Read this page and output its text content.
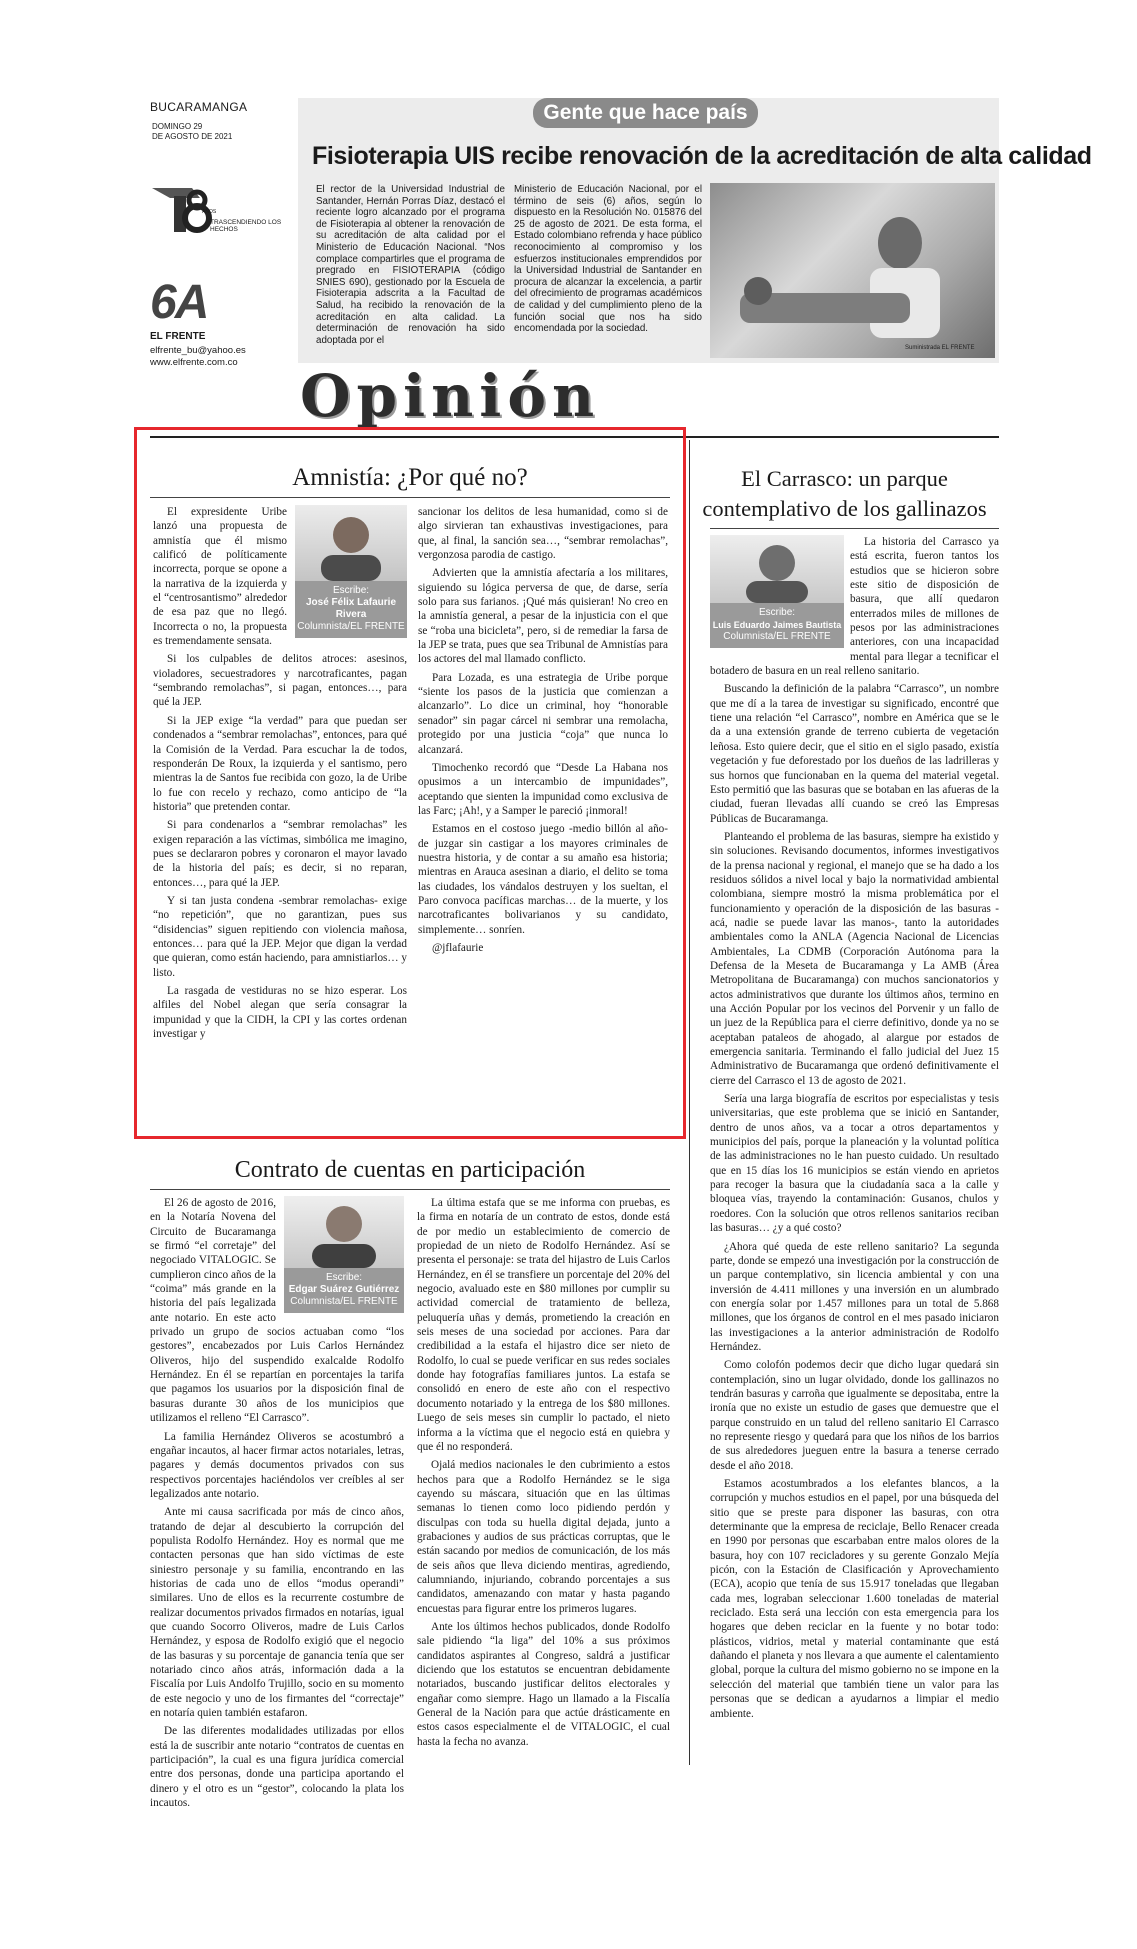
BUCARAMANGA
DOMINGO 29
DE AGOSTO DE 2021
AÑOS
TRASCENDIENDO LOS HECHOS
6A
EL FRENTE
elfrente_bu@yahoo.es
www.elfrente.com.co
Gente que hace país
Fisioterapia UIS recibe renovación de la acreditación de alta calidad
El rector de la Universidad Industrial de Santander, Hernán Porras Díaz, destacó el reciente logro alcanzado por el programa de Fisioterapia al obtener la renovación de su acreditación de alta calidad por el Ministerio de Educación Nacional. “Nos complace compartirles que el programa de pregrado en FISIOTERAPIA (código SNIES 690), gestionado por la Escuela de Fisioterapia adscrita a la Facultad de Salud, ha recibido la renovación de la acreditación en alta calidad. La determinación de renovación ha sido adoptada por el
Ministerio de Educación Nacional, por el término de seis (6) años, según lo dispuesto en la Resolución No. 015876 del 25 de agosto de 2021. De esta forma, el Estado colombiano refrenda y hace público reconocimiento al compromiso y los esfuerzos institucionales emprendidos por la Universidad Industrial de Santander en procura de alcanzar la excelencia, a partir del ofrecimiento de programas académicos de calidad y del cumplimiento pleno de la función social que nos ha sido encomendada por la sociedad.
Suministrada EL FRENTE
Opinión
Amnistía: ¿Por qué no?
Escribe:
José Félix Lafaurie Rivera
Columnista/EL FRENTE

El expresidente Uribe lanzó una propuesta de amnistía que él mismo calificó de políticamente incorrecta, porque se opone a la narrativa de la izquierda y el “centrosantismo” alrededor de esa paz que no llegó. Incorrecta o no, la propuesta es tremendamente sensata.

Si los culpables de delitos atroces: asesinos, violadores, secuestradores y narcotraficantes, pagan “sembrando remolachas”, si pagan, entonces…, para qué la JEP.

Si la JEP exige “la verdad” para que puedan ser condenados a “sembrar remolachas”, entonces, para qué la Comisión de la Verdad. Para escuchar la de todos, responderán De Roux, la izquierda y el santismo, pero mientras la de Santos fue recibida con gozo, la de Uribe lo fue con recelo y rechazo, como anticipo de “la historia” que pretenden contar.

Si para condenarlos a “sembrar remolachas” les exigen reparación a las víctimas, simbólica me imagino, pues se declararon pobres y coronaron el mayor lavado de la historia del país; es decir, si no reparan, entonces…, para qué la JEP.

Y si tan justa condena -sembrar remolachas- exige “no repetición”, que no garantizan, pues sus “disidencias” siguen repitiendo con violencia mañosa, entonces… para qué la JEP. Mejor que digan la verdad que quieran, como están haciendo, para amnistiarlos… y listo.

La rasgada de vestiduras no se hizo esperar. Los alfiles del Nobel alegan que sería consagrar la impunidad y que la CIDH, la CPI y las cortes ordenan investigar y

sancionar los delitos de lesa humanidad, como si de algo sirvieran tan exhaustivas investigaciones, para que, al final, la sanción sea…, “sembrar remolachas”, vergonzosa parodia de castigo.

Advierten que la amnistía afectaría a los militares, siguiendo su lógica perversa de que, de darse, sería solo para sus farianos. ¡Qué más quisieran! No creo en la amnistía general, a pesar de la injusticia con el que se “roba una bicicleta”, pero, si de remediar la farsa de la JEP se trata, pues que sea Tribunal de Amnistías para los actores del mal llamado conflicto.

Para Lozada, es una estrategia de Uribe porque “siente los pasos de la justicia que comienzan a alcanzarlo”. Lo dice un criminal, hoy “honorable senador” sin pagar cárcel ni sembrar una remolacha, protegido por una justicia “coja” que nunca lo alcanzará.

Timochenko recordó que “Desde La Habana nos opusimos a un intercambio de impunidades”, aceptando que sienten la impunidad como exclusiva de las Farc; ¡Ah!, y a Samper le pareció ¡inmoral!

Estamos en el costoso juego -medio billón al año- de juzgar sin castigar a los mayores criminales de nuestra historia, y de contar a su amaño esa historia; mientras en Arauca asesinan a diario, el delito se toma las ciudades, los vándalos destruyen y los sueltan, el Paro convoca pacíficas marchas… de la muerte, y los narcotraficantes bolivarianos y su candidato, simplemente… sonríen.

@jflafaurie

El Carrasco: un parque
contemplativo de los gallinazos
Escribe:
Luis Eduardo Jaimes Bautista
Columnista/EL FRENTE

La historia del Carrasco ya está escrita, fueron tantos los estudios que se hicieron sobre este sitio de disposición de basura, que allí quedaron enterrados miles de millones de pesos por las administraciones anteriores, con una incapacidad mental para llegar a tecnificar el botadero de basura en un real relleno sanitario.

Buscando la definición de la palabra “Carrasco”, un nombre que me dí a la tarea de investigar su significado, encontré que tiene una relación “el Carrasco”, nombre en América que se le da a una extensión grande de terreno cubierta de vegetación leñosa. Esto quiere decir, que el sitio en el siglo pasado, existía vegetación y fue deforestado por los dueños de las ladrilleras y sus hornos que funcionaban en la quema del material vegetal. Esto permitió que las basuras que se botaban en las afueras de la ciudad, fueran llevadas allí cuando se creó las Empresas Públicas de Bucaramanga.

Planteando el problema de las basuras, siempre ha existido y sin soluciones. Revisando documentos, informes investigativos de la prensa nacional y regional, el manejo que se ha dado a los residuos sólidos a nivel local y bajo la normatividad ambiental colombiana, siempre mostró la misma problemática por el funcionamiento y operación de la disposición de las basuras -acá, nadie se puede lavar las manos-, tanto la autoridades ambientales como la ANLA (Agencia Nacional de Licencias Ambientales, La CDMB (Corporación Autónoma para la Defensa de la Meseta de Bucaramanga y La AMB (Área Metropolitana de Bucaramanga) con muchos sancionatorios y actos administrativos que durante los últimos años, termino en una Acción Popular por los vecinos del Porvenir y un fallo de un juez de la República para el cierre definitivo, donde ya no se aceptaban pataleos de ahogado, al alargue por estados de emergencia sanitaria. Terminando el fallo judicial del Juez 15 Administrativo de Bucaramanga que ordenó definitivamente el cierre del Carrasco el 13 de agosto de 2021.

Sería una larga biografía de escritos por especialistas y tesis universitarias, que este problema que se inició en Santander, dentro de unos años, va a tocar a otros departamentos y municipios del país, porque la planeación y la voluntad política de las administraciones no le han puesto cuidado. Un resultado que en 15 días los 16 municipios se están viendo en aprietos para recoger la basura que la ciudadanía saca a la calle y bloquea vías, trayendo la contaminación: Gusanos, chulos y roedores. Con la solución que otros rellenos sanitarios reciban las basuras… ¿y a qué costo?

¿Ahora qué queda de este relleno sanitario? La segunda parte, donde se empezó una investigación por la construcción de un parque contemplativo, sin licencia ambiental y con una inversión de 4.411 millones y una inversión en un alumbrado con energía solar por 1.457 millones para un total de 5.868 millones, que los órganos de control en el mes pasado iniciaron las investigaciones a la anterior administración de Rodolfo Hernández.

Como colofón podemos decir que dicho lugar quedará sin contemplación, sino un lugar olvidado, donde los gallinazos no tendrán basuras y carroña que igualmente se depositaba, entre la ironía que no existe un estudio de gases que demuestre que el parque construido en un talud del relleno sanitario El Carrasco no represente riesgo y quedará para que los niños de los barrios de sus alrededores jueguen entre la basura a tenerse cerrado desde el año 2018.

Estamos acostumbrados a los elefantes blancos, a la corrupción y muchos estudios en el papel, por una búsqueda del sitio que se preste para disponer las basuras, con otra determinante que la empresa de reciclaje, Bello Renacer creada en 1990 por personas que escarbaban entre malos olores de la basura, hoy con 107 recicladores y su gerente Gonzalo Mejía picón, con la Estación de Clasificación y Aprovechamiento (ECA), acopio que tenía de sus 15.917 toneladas que llegaban cada mes, lograban seleccionar 1.600 toneladas de material reciclado. Esta será una lección con esta emergencia para los hogares que deben reciclar en la fuente y no botar todo: plásticos, vidrios, metal y material contaminante que está dañando el planeta y nos llevara a que aumente el calentamiento global, porque la cultura del mismo gobierno no se impone en la selección del material que también tiene un valor para las personas que se dedican a ayudarnos a limpiar el medio ambiente.

Contrato de cuentas en participación
Escribe:
Edgar Suárez Gutiérrez
Columnista/EL FRENTE

El 26 de agosto de 2016, en la Notaría Novena del Circuito de Bucaramanga se firmó “el corretaje” del negociado VITALOGIC. Se cumplieron cinco años de la “coima” más grande en la historia del país legalizada ante notario. En este acto privado un grupo de socios actuaban como “los gestores”, encabezados por Luis Carlos Hernández Oliveros, hijo del suspendido exalcalde Rodolfo Hernández. En él se repartían en porcentajes la tarifa que pagamos los usuarios por la disposición final de basuras durante 30 años de los municipios que utilizamos el relleno “El Carrasco”.

La familia Hernández Oliveros se acostumbró a engañar incautos, al hacer firmar actos notariales, letras, pagares y demás documentos privados con sus respectivos porcentajes haciéndolos ver creíbles al ser legalizados ante notario.

Ante mi causa sacrificada por más de cinco años, tratando de dejar al descubierto la corrupción del populista Rodolfo Hernández. Hoy es normal que me contacten personas que han sido víctimas de este siniestro personaje y su familia, encontrando en las historias de cada uno de ellos “modus operandi” similares. Uno de ellos es la recurrente costumbre de realizar documentos privados firmados en notarías, igual que cuando Socorro Oliveros, madre de Luis Carlos Hernández, y esposa de Rodolfo exigió que el negocio de las basuras y su porcentaje de ganancia tenía que ser notariado cinco años atrás, información dada a la Fiscalía por Luis Andolfo Trujillo, socio en su momento de este negocio y uno de los firmantes del “correctaje” en notaría quien también estafaron.

De las diferentes modalidades utilizadas por ellos está la de suscribir ante notario “contratos de cuentas en participación”, la cual es una figura jurídica comercial entre dos personas, donde una participa aportando el dinero y el otro es un “gestor”, colocando la plata los incautos.

La última estafa que se me informa con pruebas, es la firma en notaría de un contrato de estos, donde está de por medio un establecimiento de comercio de propiedad de un nieto de Rodolfo Hernández. Así se presenta el personaje: se trata del hijastro de Luis Carlos Hernández, en él se transfiere un porcentaje del 20% del negocio, avaluado este en $80 millones por cumplir su actividad comercial de tratamiento de belleza, peluquería uñas y demás, prometiendo la creación en seis meses de una sociedad por acciones. Para dar credibilidad a la estafa el hijastro dice ser nieto de Rodolfo, lo cual se puede verificar en sus redes sociales donde hay fotografías familiares juntos. La estafa se consolidó en enero de este año con el respectivo documento notariado y la entrega de los $80 millones. Luego de seis meses sin cumplir lo pactado, el nieto informa a la víctima que el negocio está en quiebra y que él no responderá.

Ojalá medios nacionales le den cubrimiento a estos hechos para que a Rodolfo Hernández se le siga cayendo su máscara, situación que en las últimas semanas lo tienen como loco pidiendo perdón y disculpas con toda su huella digital dejada, junto a grabaciones y audios de sus prácticas corruptas, que le están sacando por medios de comunicación, de los más de seis años que lleva diciendo mentiras, agrediendo, calumniando, injuriando, cobrando porcentajes a sus candidatos, amenazando con matar y hasta pagando encuestas para figurar entre los primeros lugares.

Ante los últimos hechos publicados, donde Rodolfo sale pidiendo “la liga” del 10% a sus próximos candidatos aspirantes al Congreso, saldrá a justificar diciendo que los estatutos se encuentran debidamente notariados, buscando justificar delitos electorales y engañar como siempre. Hago un llamado a la Fiscalía General de la Nación para que actúe drásticamente en estos casos especialmente el de VITALOGIC, el cual hasta la fecha no avanza.
